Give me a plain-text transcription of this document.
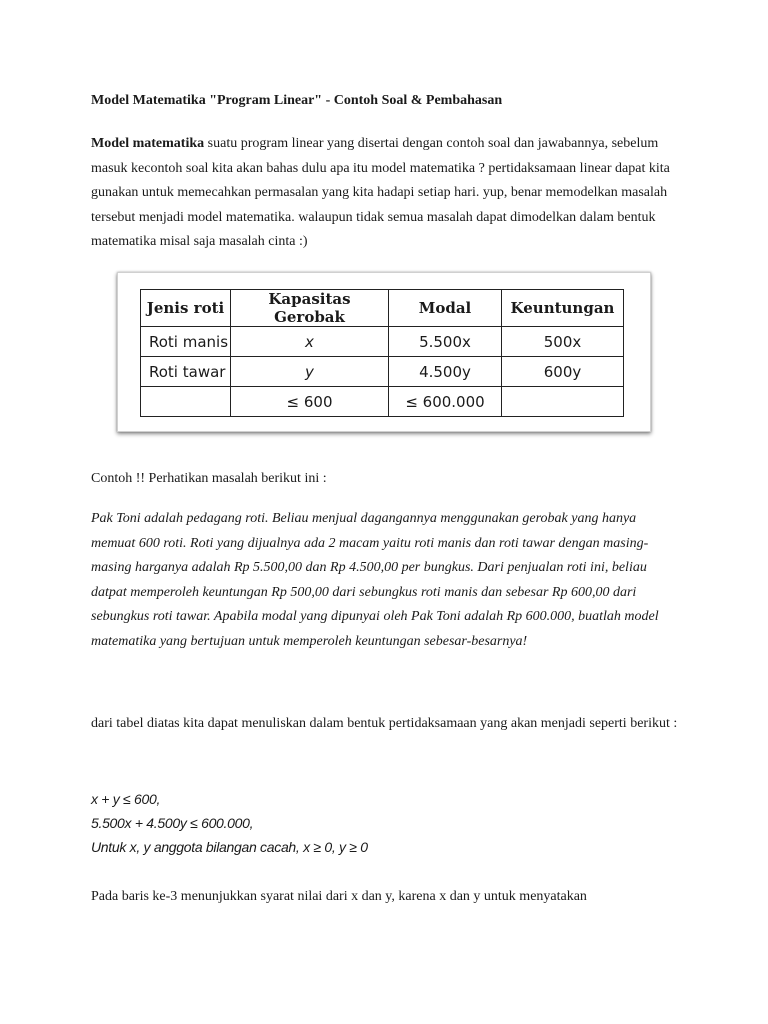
Model Matematika "Program Linear" - Contoh Soal & Pembahasan

Model matematika suatu program linear yang disertai dengan contoh soal dan jawabannya, sebelum masuk kecontoh soal kita akan bahas dulu apa itu model matematika ? pertidaksamaan linear dapat kita gunakan untuk memecahkan permasalan yang kita hadapi setiap hari. yup, benar memodelkan masalah tersebut menjadi model matematika. walaupun tidak semua masalah dapat dimodelkan dalam bentuk matematika misal saja masalah cinta :)

Jenis roti	Kapasitas Gerobak	Modal	Keuntungan
Roti manis	x	5.500x	500x
Roti tawar	y	4.500y	600y
	≤ 600	≤ 600.000	

Contoh !! Perhatikan masalah berikut ini :

Pak Toni adalah pedagang roti. Beliau menjual dagangannya menggunakan gerobak yang hanya memuat 600 roti. Roti yang dijualnya ada 2 macam yaitu roti manis dan roti tawar dengan masing-masing harganya adalah Rp 5.500,00 dan Rp 4.500,00 per bungkus. Dari penjualan roti ini, beliau datpat memperoleh keuntungan Rp 500,00 dari sebungkus roti manis dan sebesar Rp 600,00 dari sebungkus roti tawar. Apabila modal yang dipunyai oleh Pak Toni adalah Rp 600.000, buatlah model matematika yang bertujuan untuk memperoleh keuntungan sebesar-besarnya!

dari tabel diatas kita dapat menuliskan dalam bentuk pertidaksamaan yang akan menjadi seperti berikut :

x + y ≤ 600,

5.500x + 4.500y ≤ 600.000,

Untuk x, y anggota bilangan cacah, x ≥ 0, y ≥ 0

Pada baris ke-3 menunjukkan syarat nilai dari x dan y, karena x dan y untuk menyatakan
